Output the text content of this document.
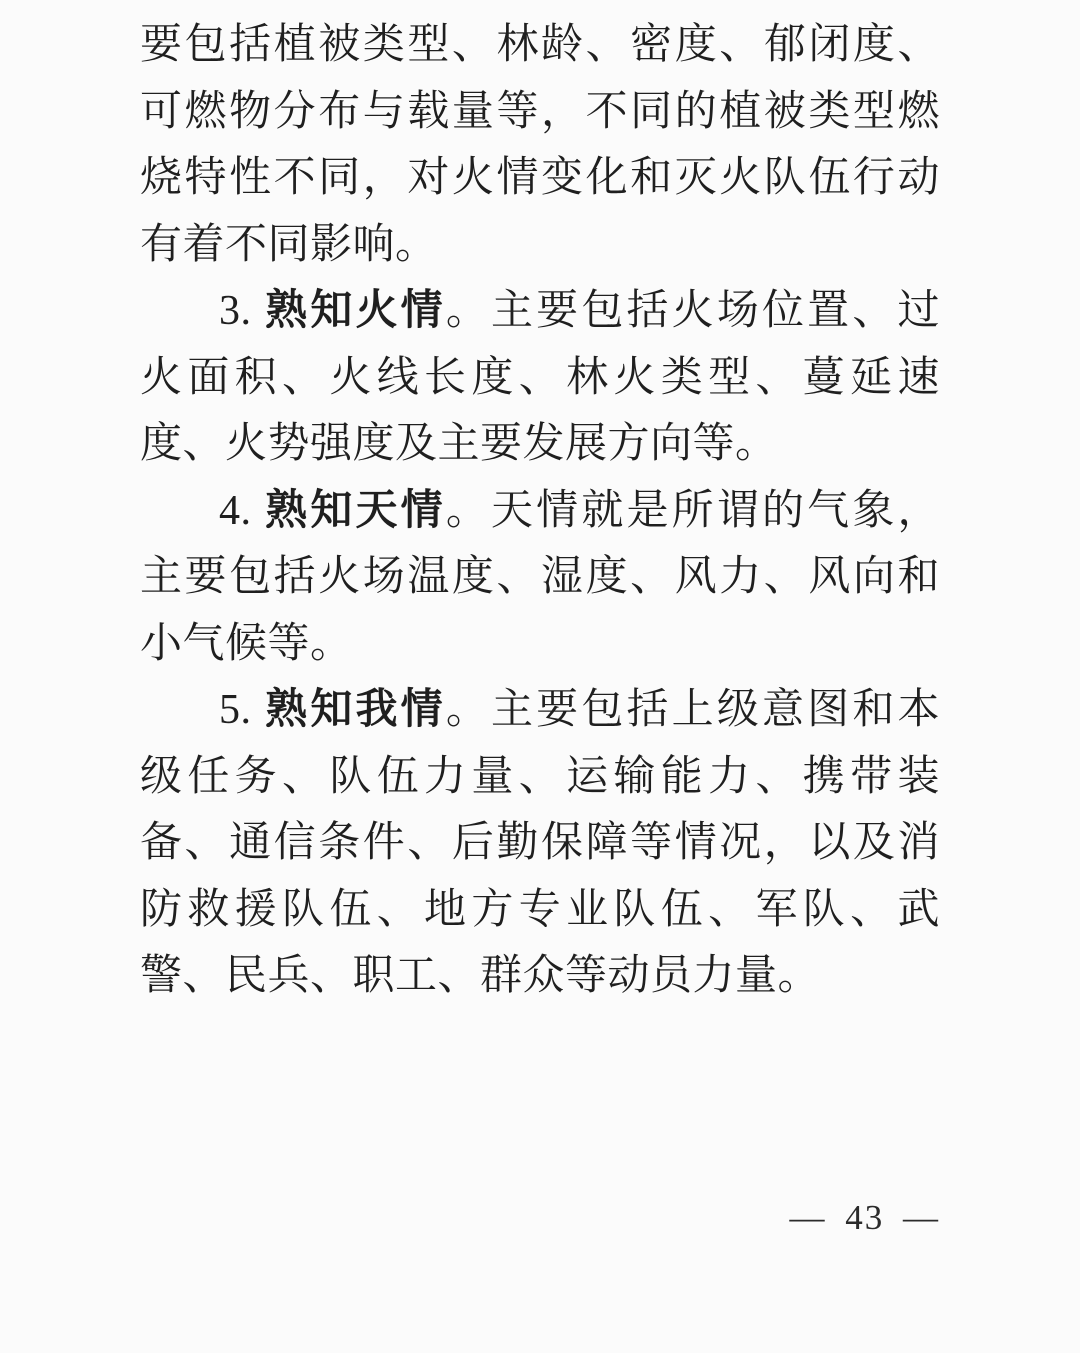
要包括植被类型、林龄、密度、郁闭度、可燃物分布与载量等，不同的植被类型燃烧特性不同，对火情变化和灭火队伍行动有着不同影响。

3. 熟知火情。主要包括火场位置、过火面积、火线长度、林火类型、蔓延速度、火势强度及主要发展方向等。

4. 熟知天情。天情就是所谓的气象，主要包括火场温度、湿度、风力、风向和小气候等。

5. 熟知我情。主要包括上级意图和本级任务、队伍力量、运输能力、携带装备、通信条件、后勤保障等情况，以及消防救援队伍、地方专业队伍、军队、武警、民兵、职工、群众等动员力量。

— 43 —
